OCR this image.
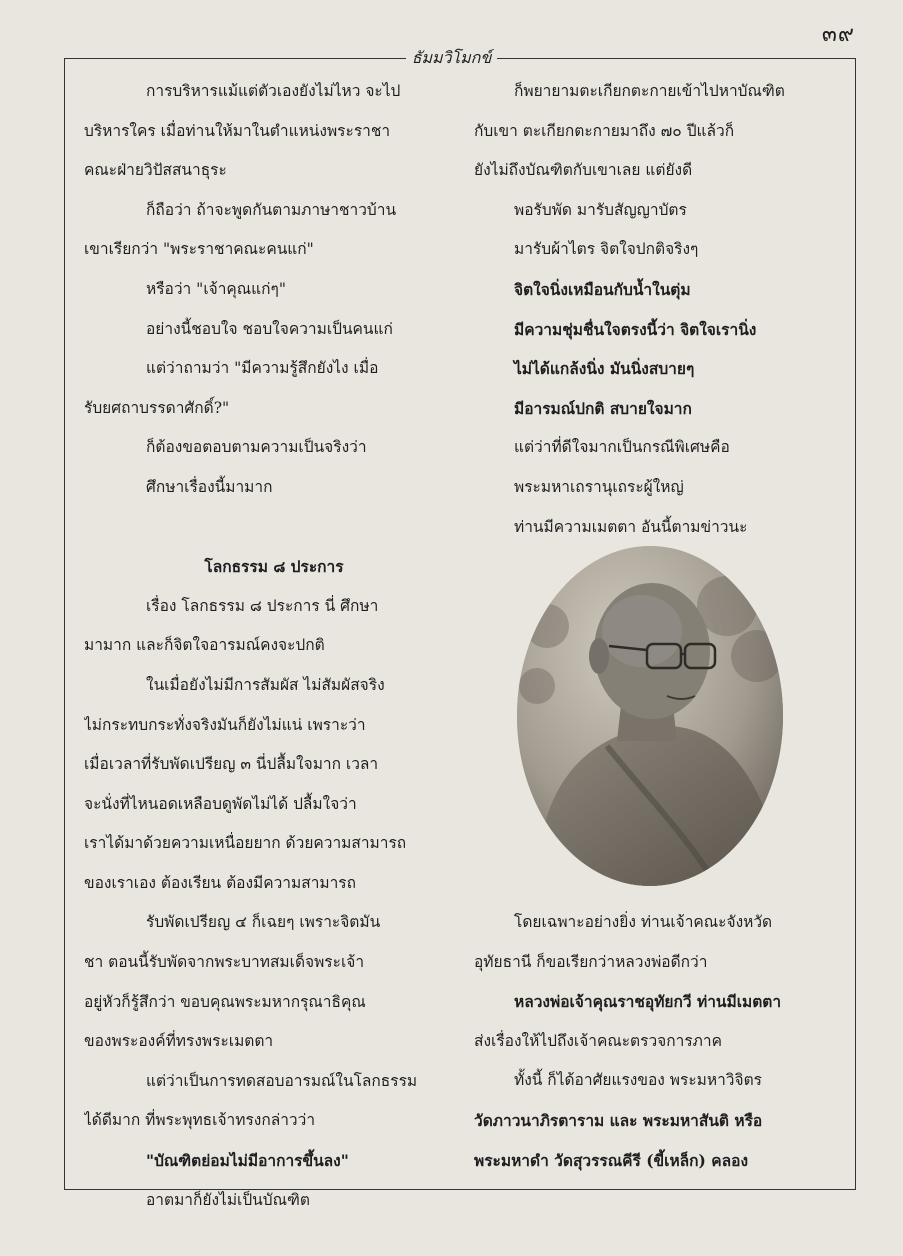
๓๙
ธัมมวิโมกข์
การบริหารแม้แต่ตัวเองยังไม่ไหว จะไป
บริหารใคร เมื่อท่านให้มาในตำแหน่งพระราชา
คณะฝ่ายวิปัสสนาธุระ
ก็ถือว่า ถ้าจะพูดกันตามภาษาชาวบ้าน
เขาเรียกว่า "พระราชาคณะคนแก่"
หรือว่า "เจ้าคุณแก่ๆ"
อย่างนี้ชอบใจ ชอบใจความเป็นคนแก่
แต่ว่าถามว่า "มีความรู้สึกยังไง เมื่อ
รับยศถาบรรดาศักดิ์?"
ก็ต้องขอตอบตามความเป็นจริงว่า
ศึกษาเรื่องนี้มามาก
โลกธรรม ๘ ประการ
เรื่อง โลกธรรม ๘ ประการ นี่ ศึกษา
มามาก และก็จิตใจอารมณ์คงจะปกติ
ในเมื่อยังไม่มีการสัมผัส ไม่สัมผัสจริง
ไม่กระทบกระทั่งจริงมันก็ยังไม่แน่ เพราะว่า
เมื่อเวลาที่รับพัดเปรียญ ๓ นี่ปลื้มใจมาก เวลา
จะนั่งที่ไหนอดเหลือบดูพัดไม่ได้ ปลื้มใจว่า
เราได้มาด้วยความเหนื่อยยาก ด้วยความสามารถ
ของเราเอง ต้องเรียน ต้องมีความสามารถ
รับพัดเปรียญ ๔ ก็เฉยๆ เพราะจิตมัน
ชา ตอนนี้รับพัดจากพระบาทสมเด็จพระเจ้า
อยู่หัวก็รู้สึกว่า ขอบคุณพระมหากรุณาธิคุณ
ของพระองค์ที่ทรงพระเมตตา
แต่ว่าเป็นการทดสอบอารมณ์ในโลกธรรม
ได้ดีมาก ที่พระพุทธเจ้าทรงกล่าวว่า
"บัณฑิตย่อมไม่มีอาการขึ้นลง"
อาตมาก็ยังไม่เป็นบัณฑิต
ก็พยายามตะเกียกตะกายเข้าไปหาบัณฑิต
กับเขา ตะเกียกตะกายมาถึง ๗๐ ปีแล้วก็
ยังไม่ถึงบัณฑิตกับเขาเลย แต่ยังดี
พอรับพัด มารับสัญญาบัตร
มารับผ้าไตร จิตใจปกติจริงๆ
จิตใจนิ่งเหมือนกับน้ำในตุ่ม
มีความชุ่มชื่นใจตรงนี้ว่า จิตใจเรานิ่ง
ไม่ได้แกล้งนิ่ง มันนิ่งสบายๆ
มีอารมณ์ปกติ สบายใจมาก
แต่ว่าที่ดีใจมากเป็นกรณีพิเศษคือ
พระมหาเถรานุเถระผู้ใหญ่
ท่านมีความเมตตา อันนี้ตามข่าวนะ
โดยเฉพาะอย่างยิ่ง ท่านเจ้าคณะจังหวัด
อุทัยธานี ก็ขอเรียกว่าหลวงพ่อดีกว่า
หลวงพ่อเจ้าคุณราชอุทัยกวี ท่านมีเมตตา
ส่งเรื่องให้ไปถึงเจ้าคณะตรวจการภาค
ทั้งนี้ ก็ได้อาศัยแรงของ พระมหาวิจิตร
วัดภาวนาภิรตาราม และ พระมหาสันติ หรือ
พระมหาดำ วัดสุวรรณคีรี (ขี้เหล็ก) คลอง
